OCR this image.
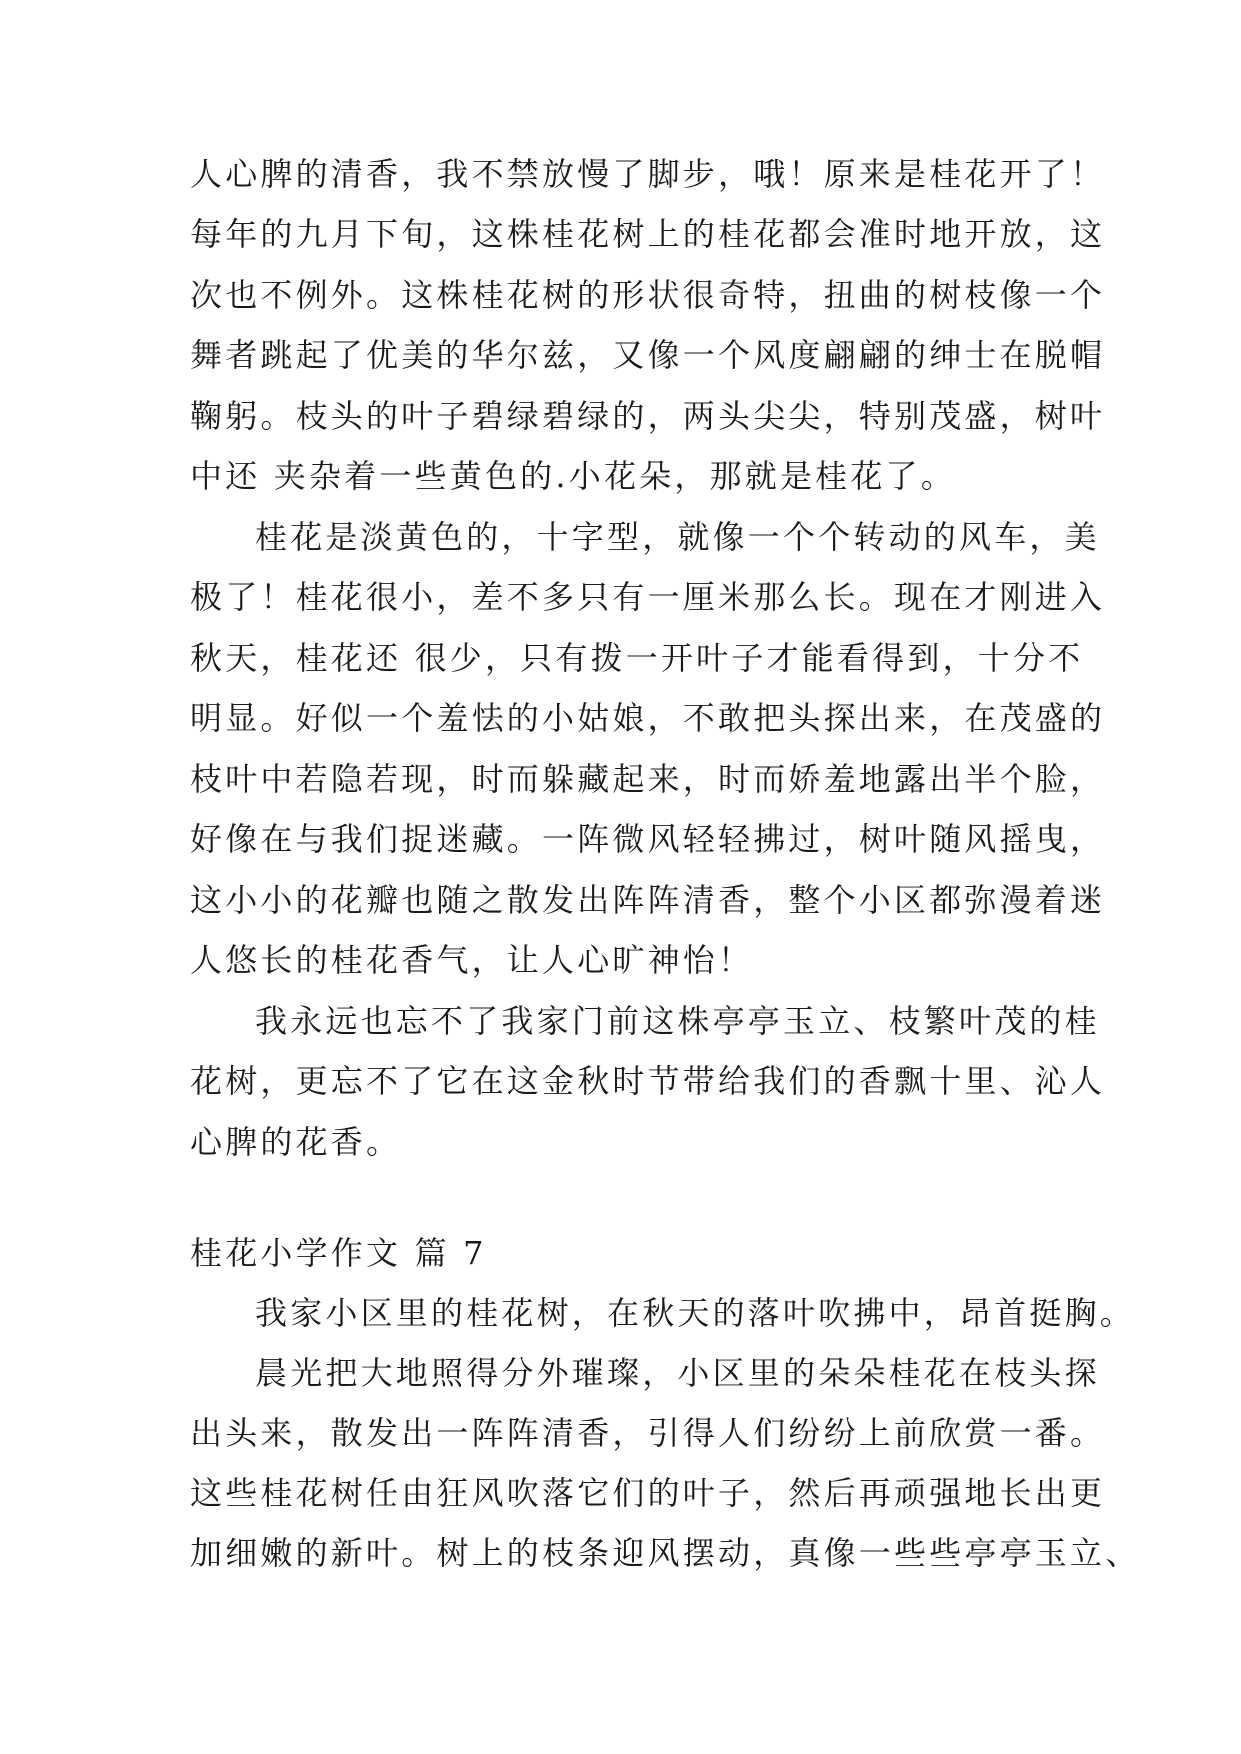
人心脾的清香，我不禁放慢了脚步，哦！原来是桂花开了！
每年的九月下旬，这株桂花树上的桂花都会准时地开放，这
次也不例外。这株桂花树的形状很奇特，扭曲的树枝像一个
舞者跳起了优美的华尔兹，又像一个风度翩翩的绅士在脱帽
鞠躬。枝头的叶子碧绿碧绿的，两头尖尖，特别茂盛，树叶
中还 夹杂着一些黄色的.小花朵，那就是桂花了。
桂花是淡黄色的，十字型，就像一个个转动的风车，美
极了！桂花很小，差不多只有一厘米那么长。现在才刚进入
秋天，桂花还 很少，只有拨一开叶子才能看得到，十分不
明显。好似一个羞怯的小姑娘，不敢把头探出来，在茂盛的
枝叶中若隐若现，时而躲藏起来，时而娇羞地露出半个脸，
好像在与我们捉迷藏。一阵微风轻轻拂过，树叶随风摇曳，
这小小的花瓣也随之散发出阵阵清香，整个小区都弥漫着迷
人悠长的桂花香气，让人心旷神怡！
我永远也忘不了我家门前这株亭亭玉立、枝繁叶茂的桂
花树，更忘不了它在这金秋时节带给我们的香飘十里、沁人
心脾的花香。
桂花小学作文 篇 7
我家小区里的桂花树，在秋天的落叶吹拂中，昂首挺胸。
晨光把大地照得分外璀璨，小区里的朵朵桂花在枝头探
出头来，散发出一阵阵清香，引得人们纷纷上前欣赏一番。
这些桂花树任由狂风吹落它们的叶子，然后再顽强地长出更
加细嫩的新叶。树上的枝条迎风摆动，真像一些些亭亭玉立、
